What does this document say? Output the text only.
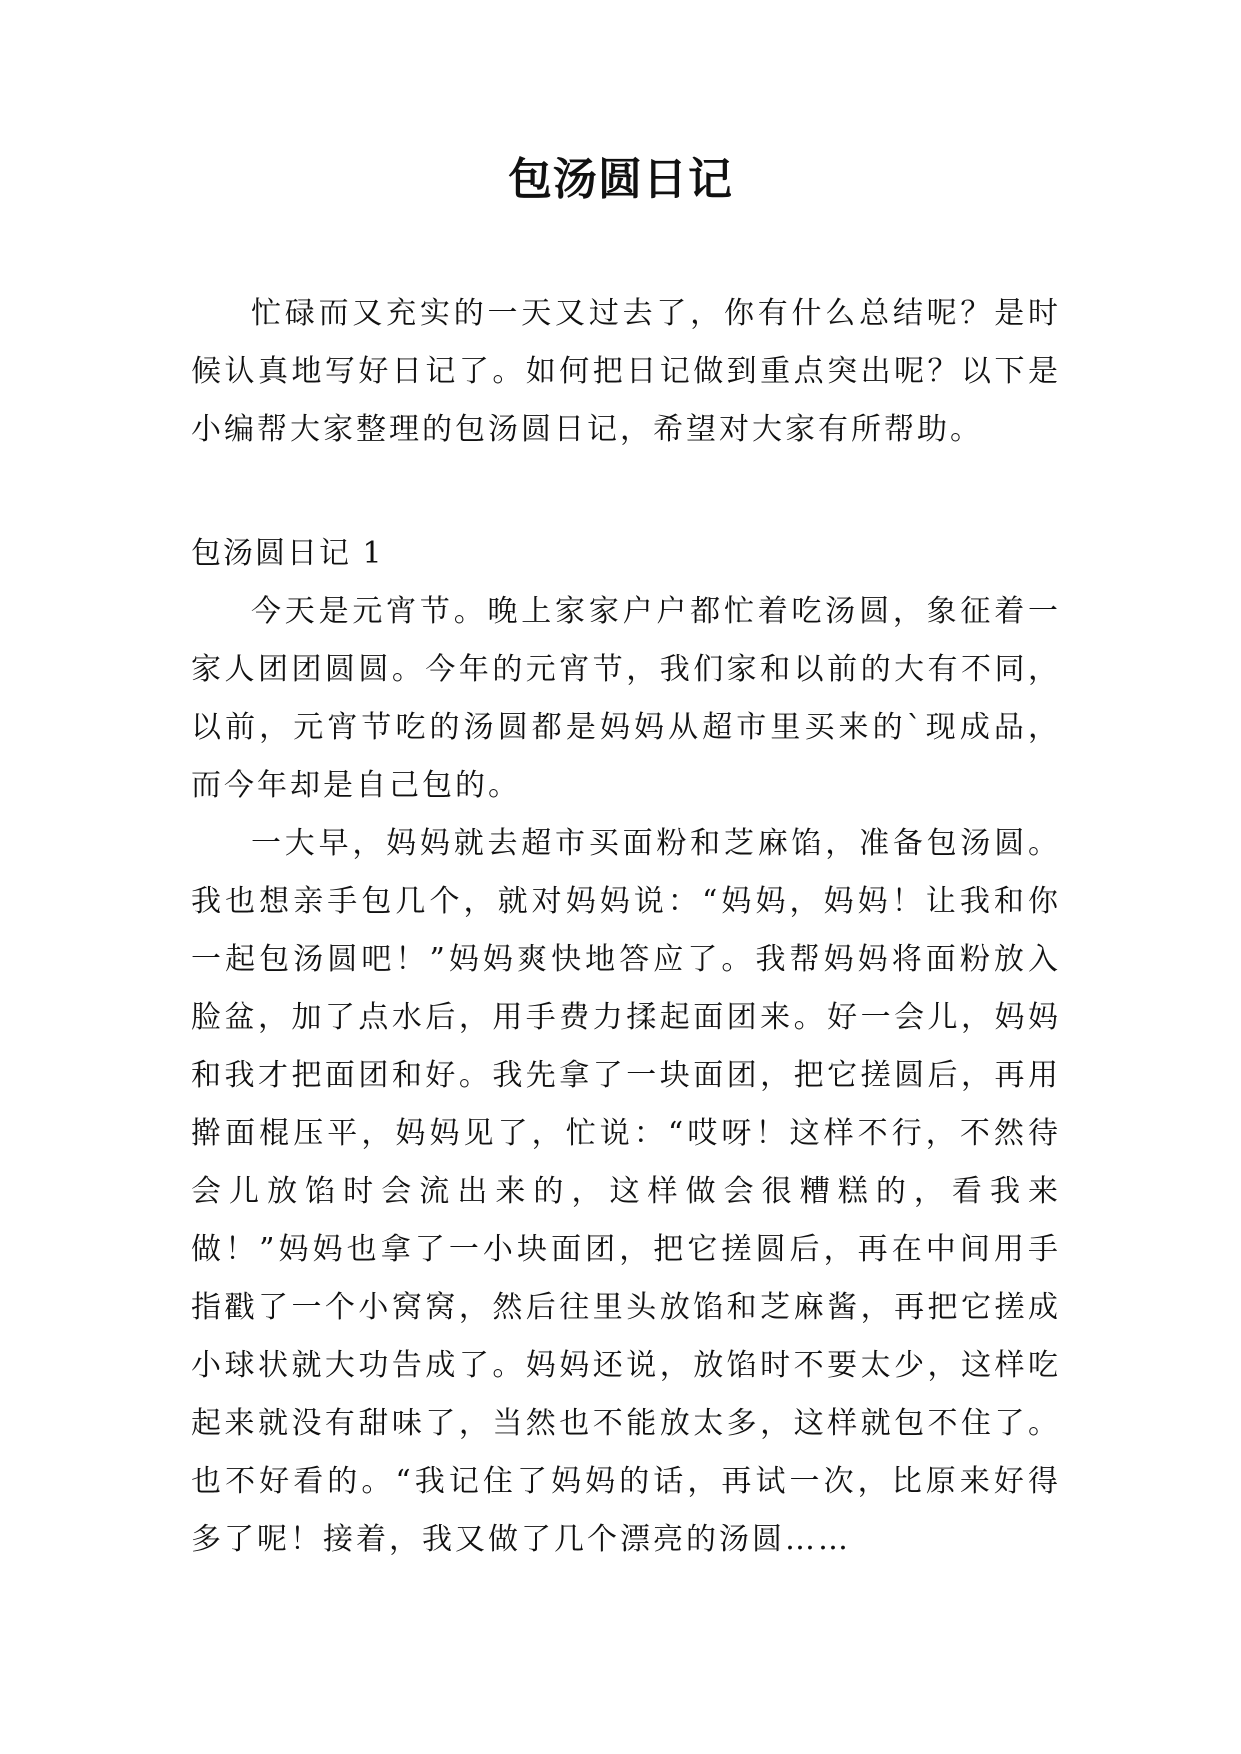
包汤圆日记

忙碌而又充实的一天又过去了，你有什么总结呢？是时候认真地写好日记了。如何把日记做到重点突出呢？以下是小编帮大家整理的包汤圆日记，希望对大家有所帮助。

包汤圆日记 1

今天是元宵节。晚上家家户户都忙着吃汤圆，象征着一家人团团圆圆。今年的元宵节，我们家和以前的大有不同，以前，元宵节吃的汤圆都是妈妈从超市里买来的`现成品，而今年却是自己包的。

一大早，妈妈就去超市买面粉和芝麻馅，准备包汤圆。我也想亲手包几个，就对妈妈说：“妈妈，妈妈！让我和你一起包汤圆吧！”妈妈爽快地答应了。我帮妈妈将面粉放入脸盆，加了点水后，用手费力揉起面团来。好一会儿，妈妈和我才把面团和好。我先拿了一块面团，把它搓圆后，再用擀面棍压平，妈妈见了，忙说：“哎呀！这样不行，不然待会儿放馅时会流出来的，这样做会很糟糕的，看我来做！”妈妈也拿了一小块面团，把它搓圆后，再在中间用手指戳了一个小窝窝，然后往里头放馅和芝麻酱，再把它搓成小球状就大功告成了。妈妈还说，放馅时不要太少，这样吃起来就没有甜味了，当然也不能放太多，这样就包不住了。也不好看的。“我记住了妈妈的话，再试一次，比原来好得多了呢！接着，我又做了几个漂亮的汤圆……
